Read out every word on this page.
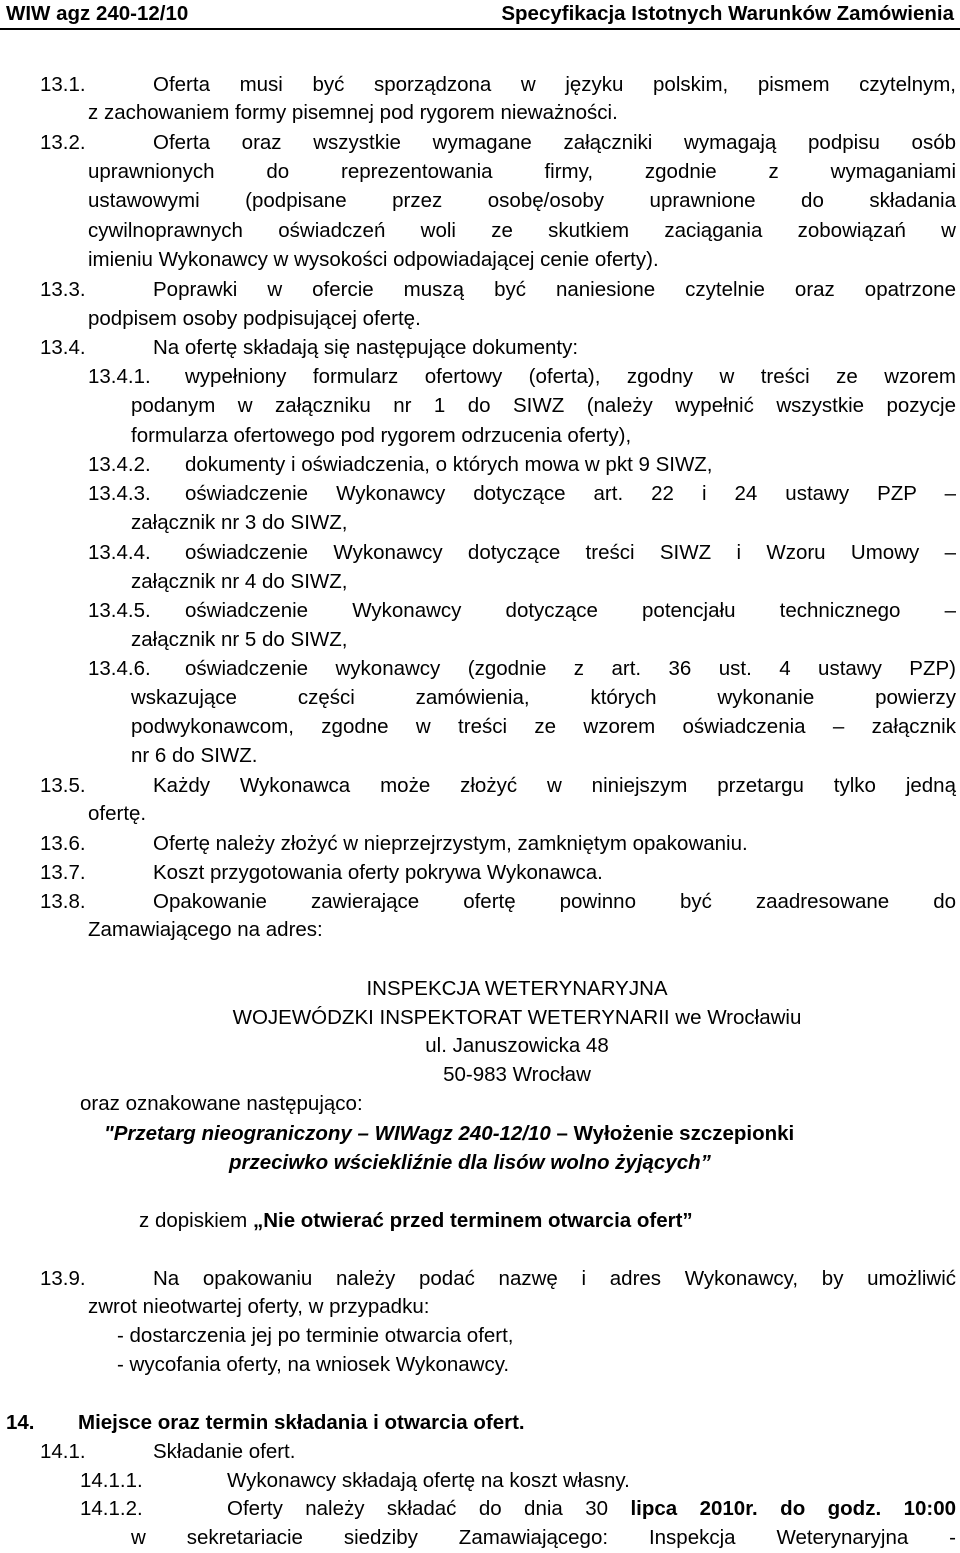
WIW agz 240-12/10	Specyfikacja Istotnych Warunków Zamówienia
13.1.	Oferta musi być sporządzona w języku polskim, pismem czytelnym,
z zachowaniem formy pisemnej pod rygorem nieważności.
13.2.	Oferta oraz wszystkie wymagane załączniki wymagają podpisu osób
uprawnionych do reprezentowania firmy, zgodnie z wymaganiami
ustawowymi (podpisane przez osobę/osoby uprawnione do składania
cywilnoprawnych oświadczeń woli ze skutkiem zaciągania zobowiązań w
imieniu Wykonawcy w wysokości odpowiadającej cenie oferty).
13.3.	Poprawki w ofercie muszą być naniesione czytelnie oraz opatrzone
podpisem osoby podpisującej ofertę.
13.4.	Na ofertę składają się następujące dokumenty:
13.4.1. wypełniony formularz ofertowy (oferta), zgodny w treści ze wzorem
podanym w załączniku nr 1 do SIWZ (należy wypełnić wszystkie pozycje
formularza ofertowego pod rygorem odrzucenia oferty),
13.4.2. dokumenty i oświadczenia, o których mowa w pkt 9 SIWZ,
13.4.3. oświadczenie Wykonawcy dotyczące art. 22 i 24 ustawy PZP –
załącznik nr 3 do SIWZ,
13.4.4. oświadczenie Wykonawcy dotyczące treści SIWZ i Wzoru Umowy –
załącznik nr 4 do SIWZ,
13.4.5. oświadczenie Wykonawcy dotyczące potencjału technicznego –
załącznik nr 5 do SIWZ,
13.4.6. oświadczenie wykonawcy (zgodnie z art. 36 ust. 4 ustawy PZP)
wskazujące części zamówienia, których wykonanie powierzy
podwykonawcom, zgodne w treści ze wzorem oświadczenia – załącznik
nr 6 do SIWZ.
13.5.	Każdy Wykonawca może złożyć w niniejszym przetargu tylko jedną
ofertę.
13.6.	Ofertę należy złożyć w nieprzejrzystym, zamkniętym opakowaniu.
13.7.	Koszt przygotowania oferty pokrywa Wykonawca.
13.8.	Opakowanie zawierające ofertę powinno być zaadresowane do
Zamawiającego na adres:
INSPEKCJA WETERYNARYJNA
WOJEWÓDZKI INSPEKTORAT WETERYNARII we Wrocławiu
ul. Januszowicka 48
50-983 Wrocław
oraz oznakowane następująco:
"Przetarg nieograniczony – WIWagz 240-12/10 – Wyłożenie szczepionki
przeciwko wściekliźnie dla lisów wolno żyjących”
z dopiskiem „Nie otwierać przed terminem otwarcia ofert”
13.9.	Na opakowaniu należy podać nazwę i adres Wykonawcy, by umożliwić
zwrot nieotwartej oferty, w przypadku:
- dostarczenia jej po terminie otwarcia ofert,
- wycofania oferty, na wniosek Wykonawcy.
14. Miejsce oraz termin składania i otwarcia ofert.
14.1.	Składanie ofert.
14.1.1.	Wykonawcy składają ofertę na koszt własny.
14.1.2.	Oferty należy składać do dnia 30 lipca 2010r. do godz. 10:00
w sekretariacie siedziby Zamawiającego: Inspekcja Weterynaryjna -
